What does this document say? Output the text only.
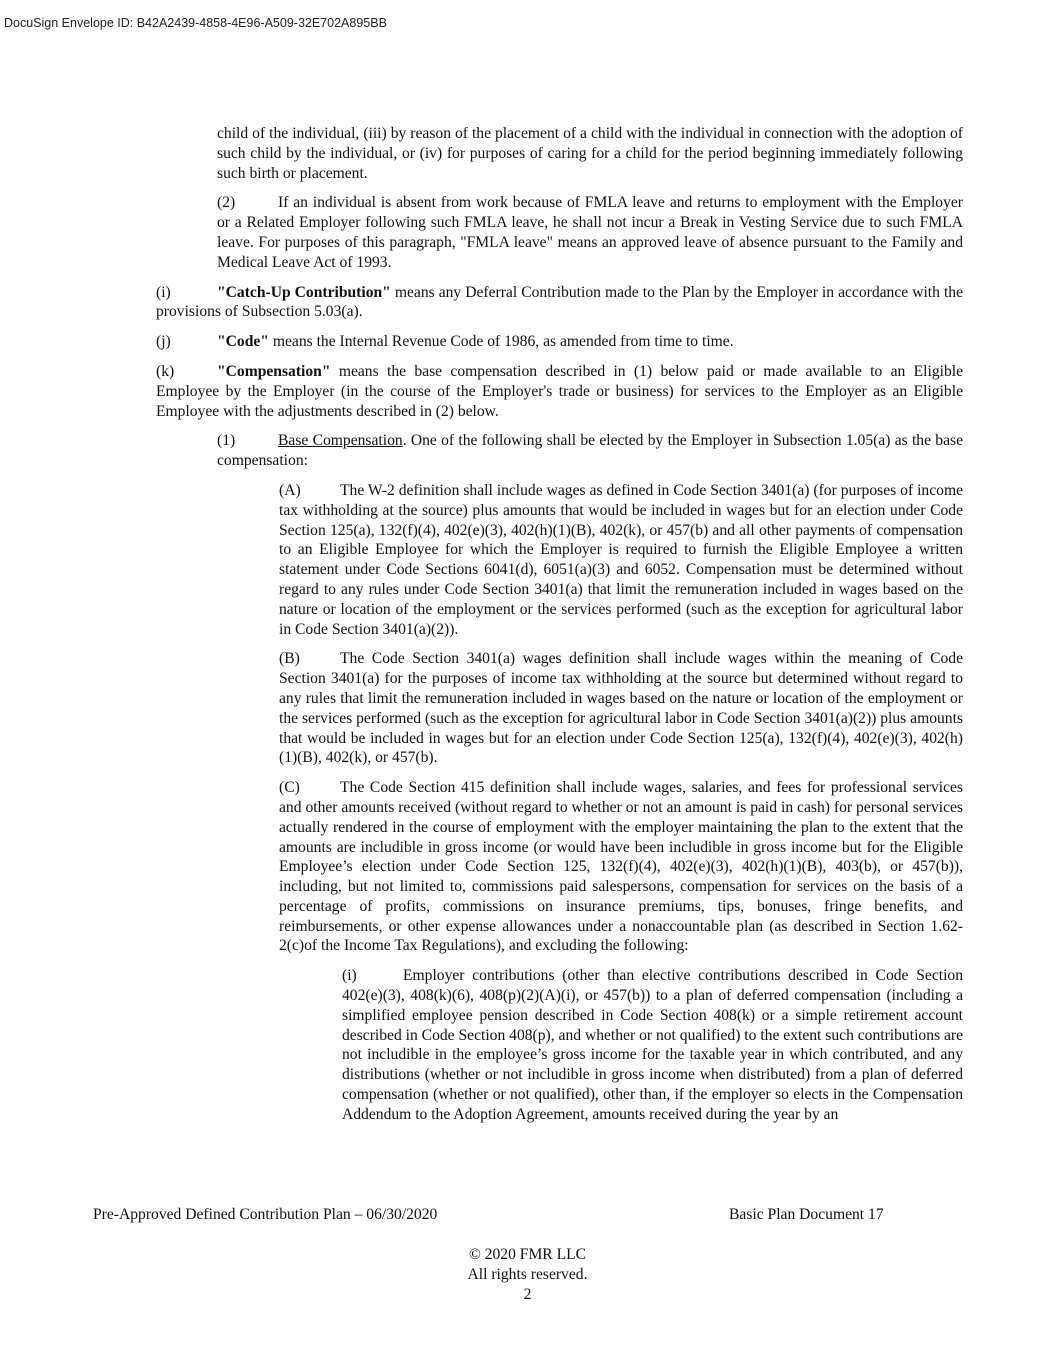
DocuSign Envelope ID: B42A2439-4858-4E96-A509-32E702A895BB

child of the individual, (iii) by reason of the placement of a child with the individual in connection with the adoption of such child by the individual, or (iv) for purposes of caring for a child for the period beginning immediately following such birth or placement.

(2)	If an individual is absent from work because of FMLA leave and returns to employment with the Employer or a Related Employer following such FMLA leave, he shall not incur a Break in Vesting Service due to such FMLA leave. For purposes of this paragraph, "FMLA leave" means an approved leave of absence pursuant to the Family and Medical Leave Act of 1993.

(i)	"Catch-Up Contribution" means any Deferral Contribution made to the Plan by the Employer in accordance with the provisions of Subsection 5.03(a).

(j)	"Code" means the Internal Revenue Code of 1986, as amended from time to time.

(k)	"Compensation" means the base compensation described in (1) below paid or made available to an Eligible Employee by the Employer (in the course of the Employer's trade or business) for services to the Employer as an Eligible Employee with the adjustments described in (2) below.

(1)	Base Compensation. One of the following shall be elected by the Employer in Subsection 1.05(a) as the base compensation:

(A)	The W-2 definition shall include wages as defined in Code Section 3401(a) (for purposes of income tax withholding at the source) plus amounts that would be included in wages but for an election under Code Section 125(a), 132(f)(4), 402(e)(3), 402(h)(1)(B), 402(k), or 457(b) and all other payments of compensation to an Eligible Employee for which the Employer is required to furnish the Eligible Employee a written statement under Code Sections 6041(d), 6051(a)(3) and 6052. Compensation must be determined without regard to any rules under Code Section 3401(a) that limit the remuneration included in wages based on the nature or location of the employment or the services performed (such as the exception for agricultural labor in Code Section 3401(a)(2)).

(B)	The Code Section 3401(a) wages definition shall include wages within the meaning of Code Section 3401(a) for the purposes of income tax withholding at the source but determined without regard to any rules that limit the remuneration included in wages based on the nature or location of the employment or the services performed (such as the exception for agricultural labor in Code Section 3401(a)(2)) plus amounts that would be included in wages but for an election under Code Section 125(a), 132(f)(4), 402(e)(3), 402(h)(1)(B), 402(k), or 457(b).

(C)	The Code Section 415 definition shall include wages, salaries, and fees for professional services and other amounts received (without regard to whether or not an amount is paid in cash) for personal services actually rendered in the course of employment with the employer maintaining the plan to the extent that the amounts are includible in gross income (or would have been includible in gross income but for the Eligible Employee’s election under Code Section 125, 132(f)(4), 402(e)(3), 402(h)(1)(B), 403(b), or 457(b)), including, but not limited to, commissions paid salespersons, compensation for services on the basis of a percentage of profits, commissions on insurance premiums, tips, bonuses, fringe benefits, and reimbursements, or other expense allowances under a nonaccountable plan (as described in Section 1.62-2(c)of the Income Tax Regulations), and excluding the following:

(i)	Employer contributions (other than elective contributions described in Code Section 402(e)(3), 408(k)(6), 408(p)(2)(A)(i), or 457(b)) to a plan of deferred compensation (including a simplified employee pension described in Code Section 408(k) or a simple retirement account described in Code Section 408(p), and whether or not qualified) to the extent such contributions are not includible in the employee’s gross income for the taxable year in which contributed, and any distributions (whether or not includible in gross income when distributed) from a plan of deferred compensation (whether or not qualified), other than, if the employer so elects in the Compensation Addendum to the Adoption Agreement, amounts received during the year by an

Pre-Approved Defined Contribution Plan – 06/30/2020	Basic Plan Document 17
© 2020 FMR LLC
All rights reserved.
2
